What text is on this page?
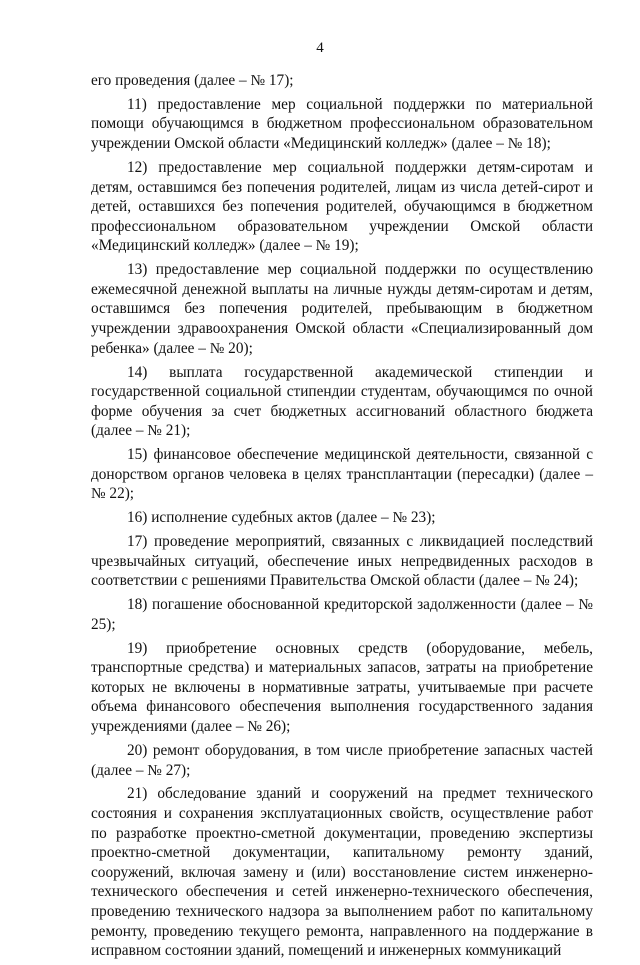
4

его проведения (далее – № 17);

11) предоставление мер социальной поддержки по материальной помощи обучающимся в бюджетном профессиональном образовательном учреждении Омской области «Медицинский колледж» (далее – № 18);

12) предоставление мер социальной поддержки детям-сиротам и детям, оставшимся без попечения родителей, лицам из числа детей-сирот и детей, оставшихся без попечения родителей, обучающимся в бюджетном профессиональном образовательном учреждении Омской области «Медицинский колледж» (далее – № 19);

13) предоставление мер социальной поддержки по осуществлению ежемесячной денежной выплаты на личные нужды детям-сиротам и детям, оставшимся без попечения родителей, пребывающим в бюджетном учреждении здравоохранения Омской области «Специализированный дом ребенка» (далее – № 20);

14) выплата государственной академической стипендии и государственной социальной стипендии студентам, обучающимся по очной форме обучения за счет бюджетных ассигнований областного бюджета (далее – № 21);

15) финансовое обеспечение медицинской деятельности, связанной с донорством органов человека в целях трансплантации (пересадки) (далее – № 22);

16) исполнение судебных актов (далее – № 23);

17) проведение мероприятий, связанных с ликвидацией последствий чрезвычайных ситуаций, обеспечение иных непредвиденных расходов в соответствии с решениями Правительства Омской области (далее – № 24);

18) погашение обоснованной кредиторской задолженности (далее – № 25);

19) приобретение основных средств (оборудование, мебель, транспортные средства) и материальных запасов, затраты на приобретение которых не включены в нормативные затраты, учитываемые при расчете объема финансового обеспечения выполнения государственного задания учреждениями (далее – № 26);

20) ремонт оборудования, в том числе приобретение запасных частей (далее – № 27);

21) обследование зданий и сооружений на предмет технического состояния и сохранения эксплуатационных свойств, осуществление работ по разработке проектно-сметной документации, проведению экспертизы проектно-сметной документации, капитальному ремонту зданий, сооружений, включая замену и (или) восстановление систем инженерно-технического обеспечения и сетей инженерно-технического обеспечения, проведению технического надзора за выполнением работ по капитальному ремонту, проведению текущего ремонта, направленного на поддержание в исправном состоянии зданий, помещений и инженерных коммуникаций
